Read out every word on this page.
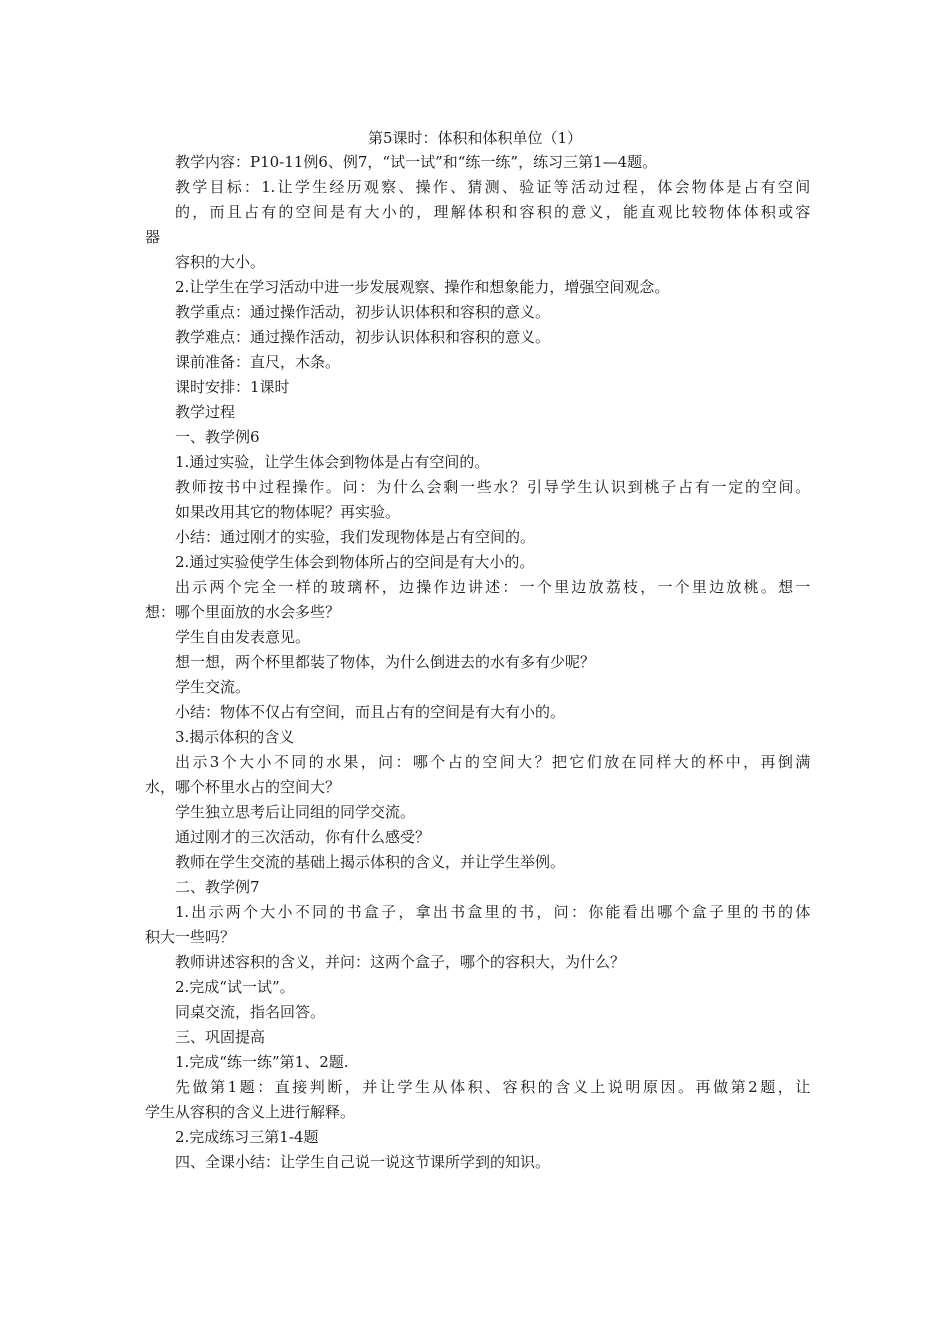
第5课时：体积和体积单位（1）
教学内容：P10-11例6、例7，“试一试”和“练一练”，练习三第1—4题。
教学目标：1.让学生经历观察、操作、猜测、验证等活动过程，体会物体是占有空间
的，而且占有的空间是有大小的，理解体积和容积的意义，能直观比较物体体积或容
器
容积的大小。
2.让学生在学习活动中进一步发展观察、操作和想象能力，增强空间观念。
教学重点：通过操作活动，初步认识体积和容积的意义。
教学难点：通过操作活动，初步认识体积和容积的意义。
课前准备：直尺，木条。
课时安排：1课时
教学过程
一、教学例6
1.通过实验，让学生体会到物体是占有空间的。
教师按书中过程操作。问：为什么会剩一些水？引导学生认识到桃子占有一定的空间。
如果改用其它的物体呢？再实验。
小结：通过刚才的实验，我们发现物体是占有空间的。
2.通过实验使学生体会到物体所占的空间是有大小的。
出示两个完全一样的玻璃杯，边操作边讲述：一个里边放荔枝，一个里边放桃。想一
想：哪个里面放的水会多些？
学生自由发表意见。
想一想，两个杯里都装了物体，为什么倒进去的水有多有少呢？
学生交流。
小结：物体不仅占有空间，而且占有的空间是有大有小的。
3.揭示体积的含义
出示3个大小不同的水果，问：哪个占的空间大？把它们放在同样大的杯中，再倒满
水，哪个杯里水占的空间大？
学生独立思考后让同组的同学交流。
通过刚才的三次活动，你有什么感受？
教师在学生交流的基础上揭示体积的含义，并让学生举例。
二、教学例7
1.出示两个大小不同的书盒子，拿出书盒里的书，问：你能看出哪个盒子里的书的体
积大一些吗？
教师讲述容积的含义，并问：这两个盒子，哪个的容积大，为什么？
2.完成“试一试”。
同桌交流，指名回答。
三、巩固提高
1.完成“练一练”第1、2题.
先做第1题：直接判断，并让学生从体积、容积的含义上说明原因。再做第2题，让
学生从容积的含义上进行解释。
2.完成练习三第1-4题
四、全课小结：让学生自己说一说这节课所学到的知识。
